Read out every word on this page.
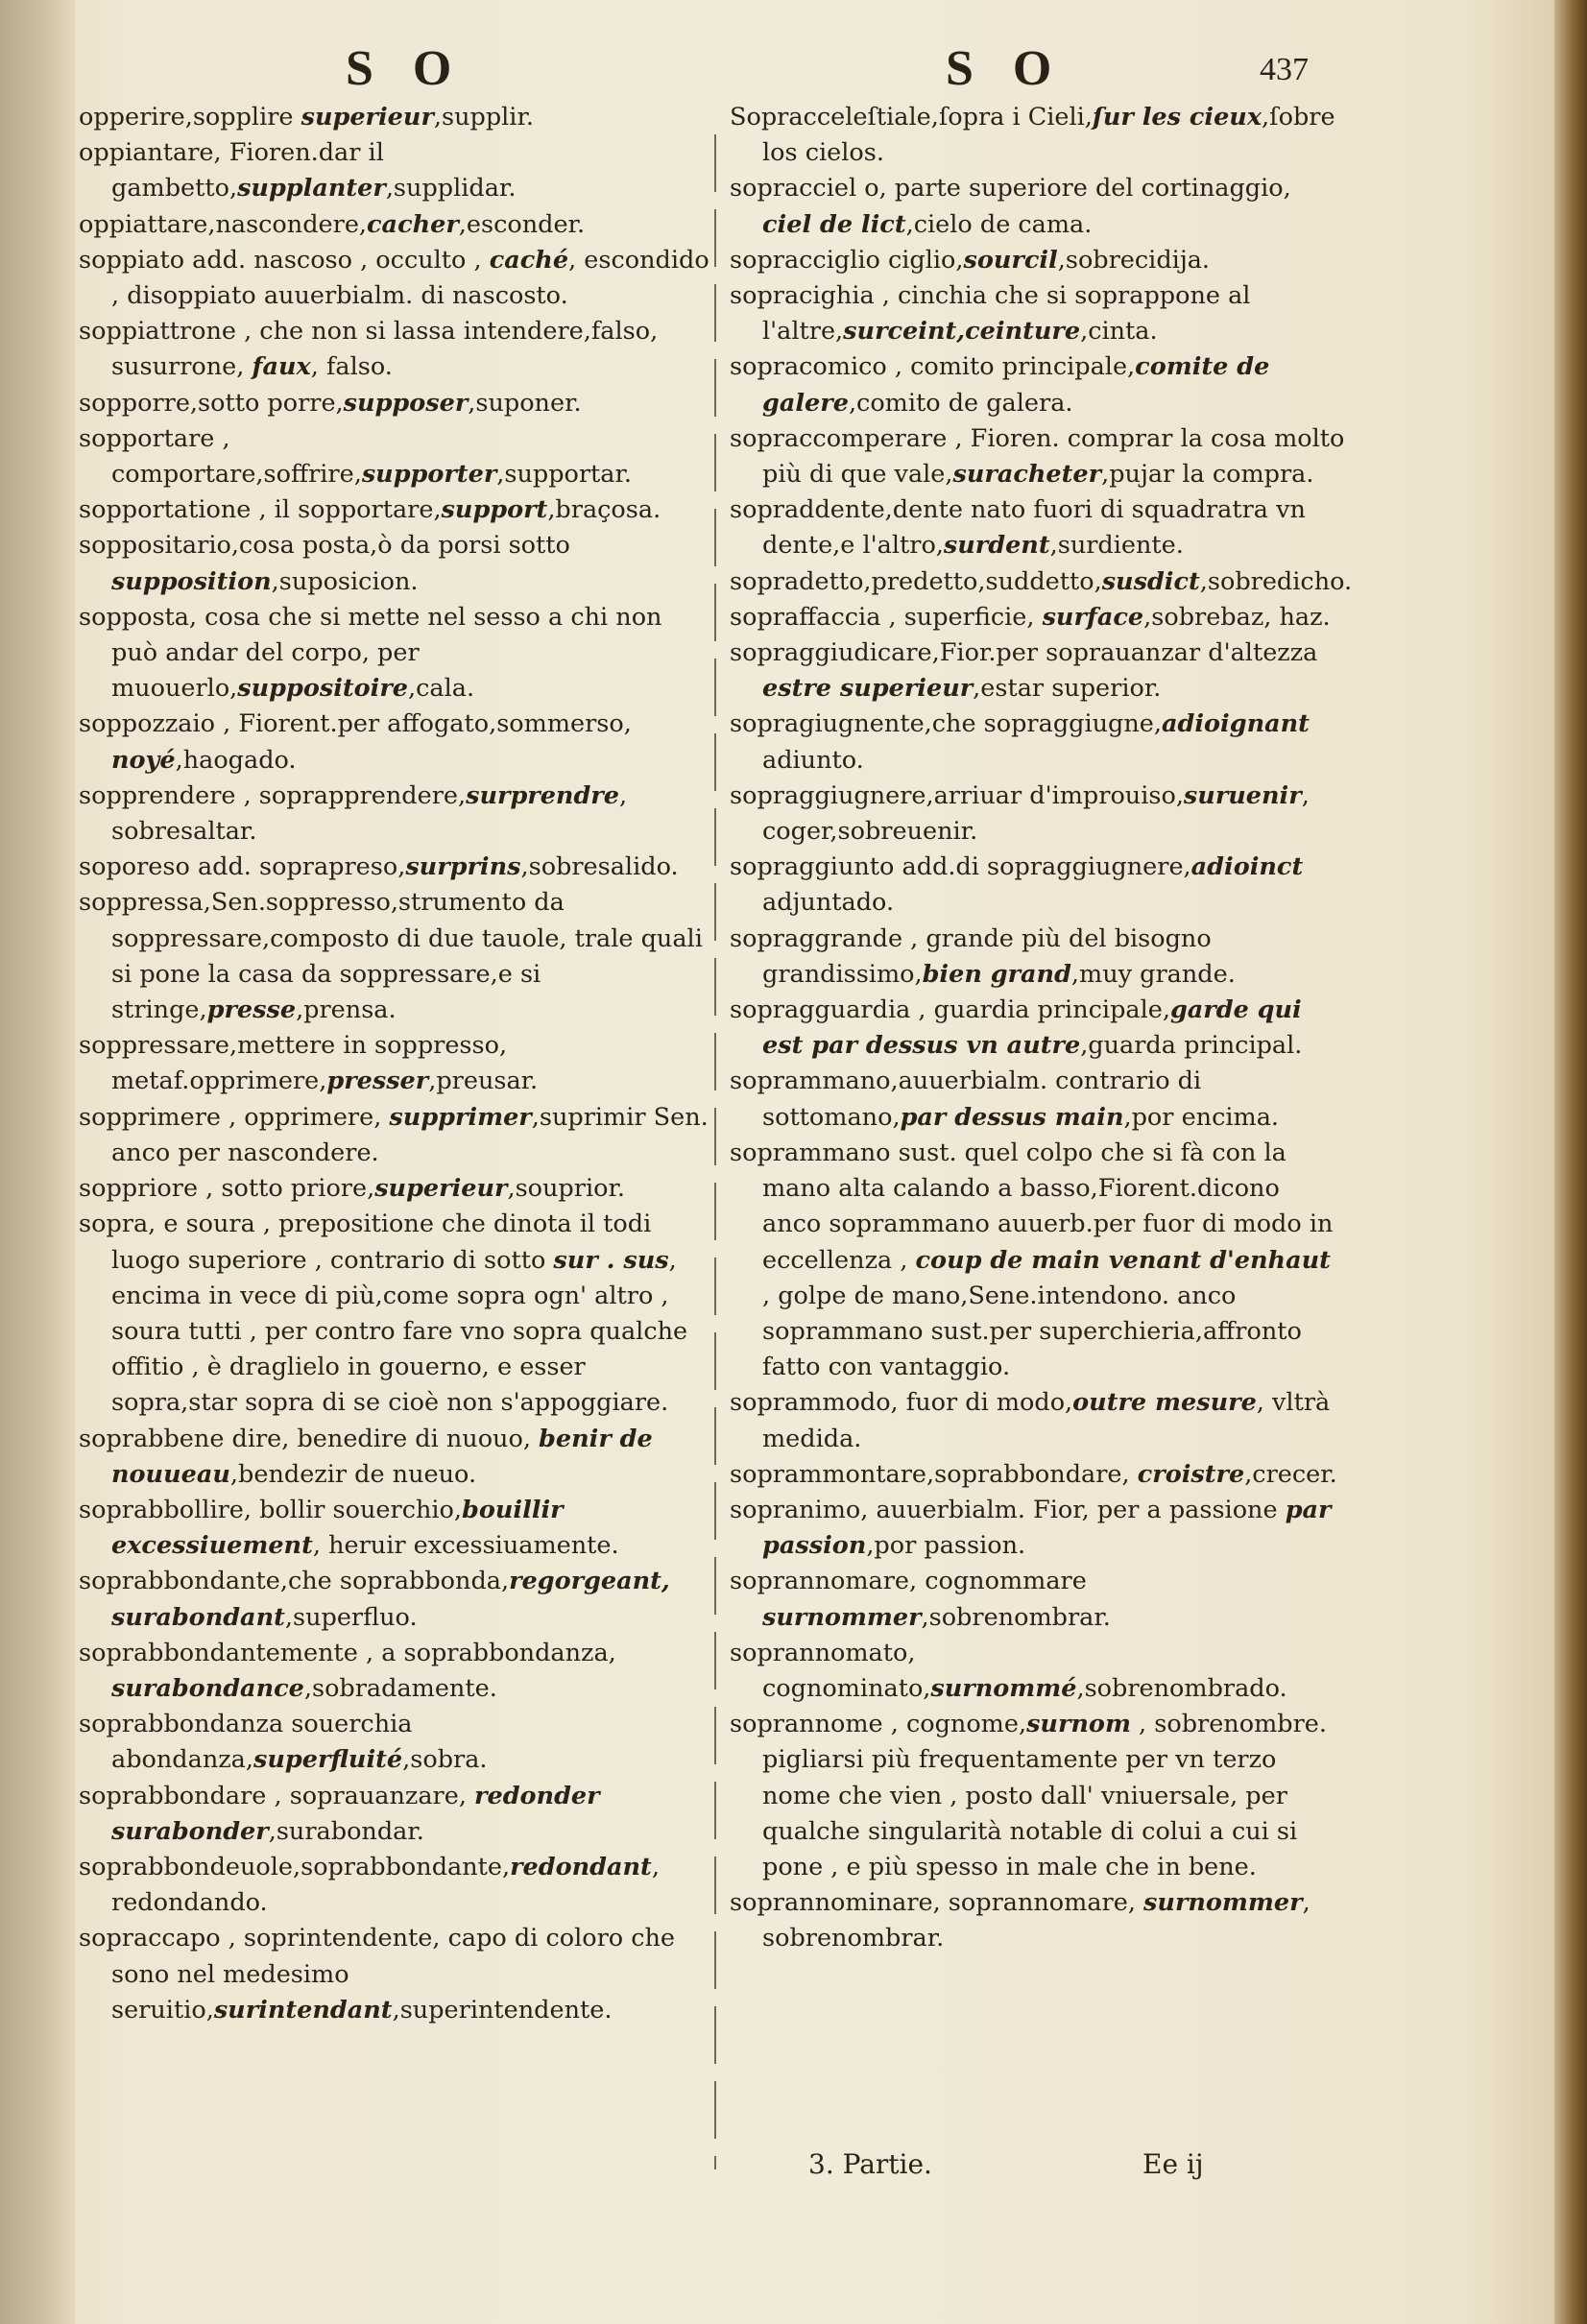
S O	S O	437

opperire,sopplire superieur,supplir.

oppiantare, Fioren.dar il gambetto,supplanter,supplidar.

oppiattare,nascondere,cacher,esconder.

soppiato add. nascoso , occulto , caché, escondido , disoppiato auuerbialm. di nascosto.

soppiattrone , che non si lassa intendere,falso, susurrone, faux, falso.

sopporre,sotto porre,supposer,suponer.

sopportare , comportare,soffrire,supporter,supportar.

sopportatione , il sopportare,support,braçosa.

soppositario,cosa posta,ò da porsi sotto supposition,suposicion.

soppostа, cosa che si mette nel sesso a chi non può andar del corpo, per muouerlo,suppositoire,cala.

soppozzaio , Fiorent.per affogato,sommerso, noyé,haogado.

sopprendere , soprapprendere,surprendre, sobresaltar.

soporeso add. soprapreso,surprins,sobresalido.

soppressa,Sen.soppresso,strumento da soppressare,composto di due tauole, trale quali si pone la casa da soppressare,e si stringe,presse,prensa.

soppressare,mettere in soppresso, metaf.opprimere,presser,preusar.

sopprimere , opprimere, supprimer,suprimir Sen. anco per nascondere.

soppriore , sotto priore,superieur,souprior.

sopra, e soura , prepositione che dinota il todi luogo superiore , contrario di sotto sur . sus, encima in vece di più,come sopra ogn' altro , soura tutti , per contro fare vno sopra qualche offitio , è draglielo in gouerno, e esser sopra,star sopra di se cioè non s'appoggiare.

soprabbene dire, benedire di nuouo, benir de nouueau,bendezir de nueuo.

soprabbollire, bollir souerchio,bouillir excessiuement, heruir excessiuamente.

soprabbondante,che soprabbonda,regorgeant, surabondant,superfluo.

soprabbondantemente , a soprabbondanza, surabondance,sobradamente.

soprabbondanza souerchia abondanza,superfluité,sobra.

soprabbondare , soprauanzare, redonder surabonder,surabondar.

soprabbondeuole,soprabbondante,redondant, redondando.

sopraccapo , soprintendente, capo di coloro che sono nel medesimo seruitio,surintendant,superintendente.

Sopracceleſtiale,ſopra i Cieli,ſur les cieux,ſobre los cielos.

sopracciel o, parte superiore del cortinaggio, ciel de lict,cielo de cama.

sopracciglio ciglio,sourcil,sobrecidija.

sopracighia , cinchia che si soprappone al l'altre,surceint,ceinture,cinta.

sopracomico , comito principale,comite de galere,comito de galera.

sopraccomperare , Fioren. comprar la cosa molto più di que vale,suracheter,pujar la compra.

sopraddente,dente nato fuori di squadratra vn dente,e l'altro,surdent,surdiente.

sopradetto,predetto,suddetto,susdict,sobredicho.

sopraffaccia , superficie, surface,sobrebaz, haz.

sopraggiudicare,Fior.per soprauanzar d'altezza estre superieur,estar superior.

sopragiugnente,che sopraggiugne,adioignant adiunto.

sopraggiugnere,arriuar d'improuiso,suruenir, coger,sobreuenir.

sopraggiunto add.di sopraggiugnere,adioinct adjuntado.

sopraggrande , grande più del bisogno grandissimo,bien grand,muy grande.

sopragguardia , guardia principale,garde qui est par dessus vn autre,guarda principal.

soprammano,auuerbialm. contrario di sottomano,par dessus main,por encima.

soprammano sust. quel colpo che si fà con la mano alta calando a basso,Fiorent.dicono anco soprammano auuerb.per fuor di modo in eccellenza , coup de main venant d'enhaut , golpe de mano,Sene.intendono. anco soprammano sust.per superchieria,affronto fatto con vantaggio.

soprammodo, fuor di modo,outre mesure, vltrà medida.

soprammontare,soprabbondare, croistre,crecer.

sopranimo, auuerbialm. Fior, per a passione par passion,por passion.

soprannomare, cognommare surnommer,sobrenombrar.

soprannomato, cognominato,surnommé,sobrenombrado.

soprannome , cognome,surnom , sobrenombre. pigliarsi più frequentamente per vn terzo nome che vien , posto dall' vniuersale, per qualche singularità notable di colui a cui si pone , e più spesso in male che in bene.

soprannominare, soprannomare, surnommer, sobrenombrar.

3. Partie.	Ee ij
